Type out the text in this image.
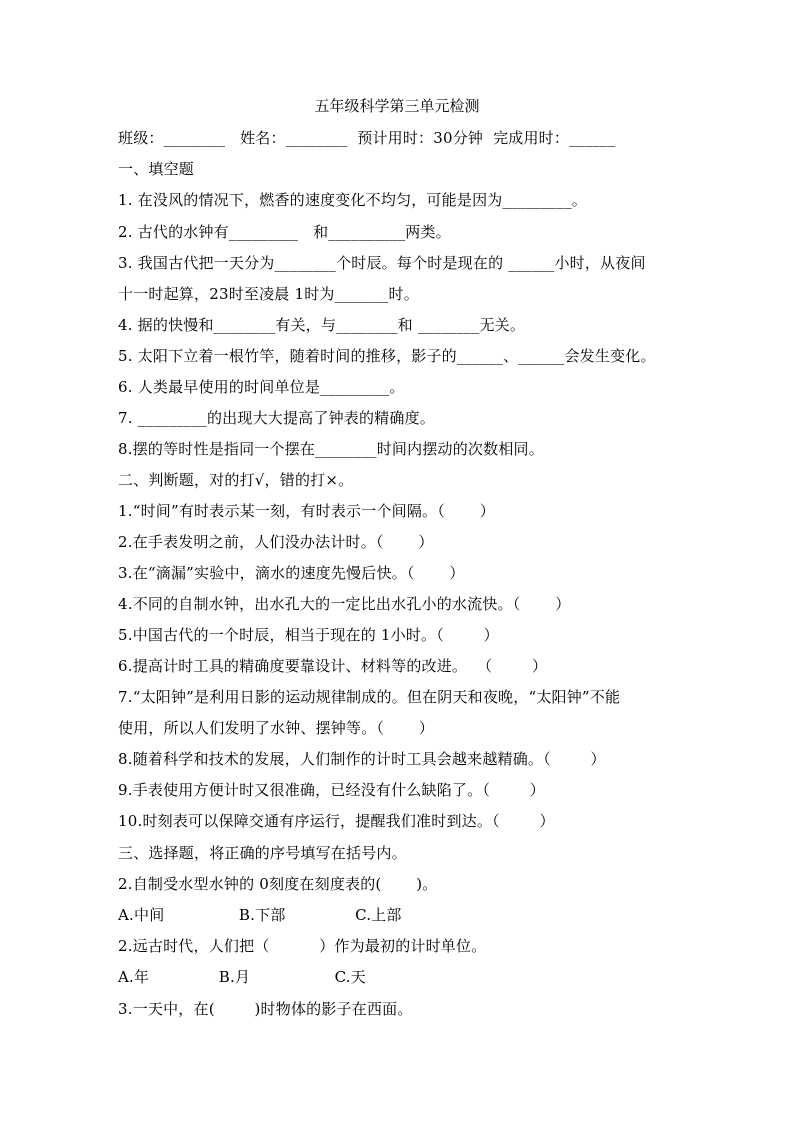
五年级科学第三单元检测
班级：________   姓名：________  预计用时：30分钟  完成用时：______
一、填空题
1. 在没风的情况下，燃香的速度变化不均匀，可能是因为_________。
2. 古代的水钟有_________   和__________两类。
3. 我国古代把一天分为________个时辰。每个时是现在的 ______小时，从夜间
十一时起算，23时至凌晨 1时为_______时。
4. 据的快慢和________有关，与________和 ________无关。
5. 太阳下立着一根竹竿，随着时间的推移，影子的______、______会发生变化。
6. 人类最早使用的时间单位是_________。
7. _________的出现大大提高了钟表的精确度。
8.摆的等时性是指同一个摆在________时间内摆动的次数相同。
二、判断题，对的打√，错的打×。
1.“时间”有时表示某一刻，有时表示一个间隔。（       ）
2.在手表发明之前，人们没办法计时。（       ）
3.在“滴漏”实验中，滴水的速度先慢后快。（       ）
4.不同的自制水钟，出水孔大的一定比出水孔小的水流快。（       ）
5.中国古代的一个时辰，相当于现在的 1小时。（        ）
6.提高计时工具的精确度要靠设计、材料等的改进。  （        ）
7.“太阳钟”是利用日影的运动规律制成的。但在阴天和夜晚，“太阳钟”不能
使用，所以人们发明了水钟、摆钟等。（       ）
8.随着科学和技术的发展，人们制作的计时工具会越来越精确。（        ）
9.手表使用方便计时又很准确，已经没有什么缺陷了。（        ）
10.时刻表可以保障交通有序运行，提醒我们准时到达。（        ）
三、选择题，将正确的序号填写在括号内。
2.自制受水型水钟的 0刻度在刻度表的(       )。
A.中间               B.下部              C.上部
2.远古时代，人们把（          ）作为最初的计时单位。
A.年              B.月                 C.天
3.一天中，在(        )时物体的影子在西面。
